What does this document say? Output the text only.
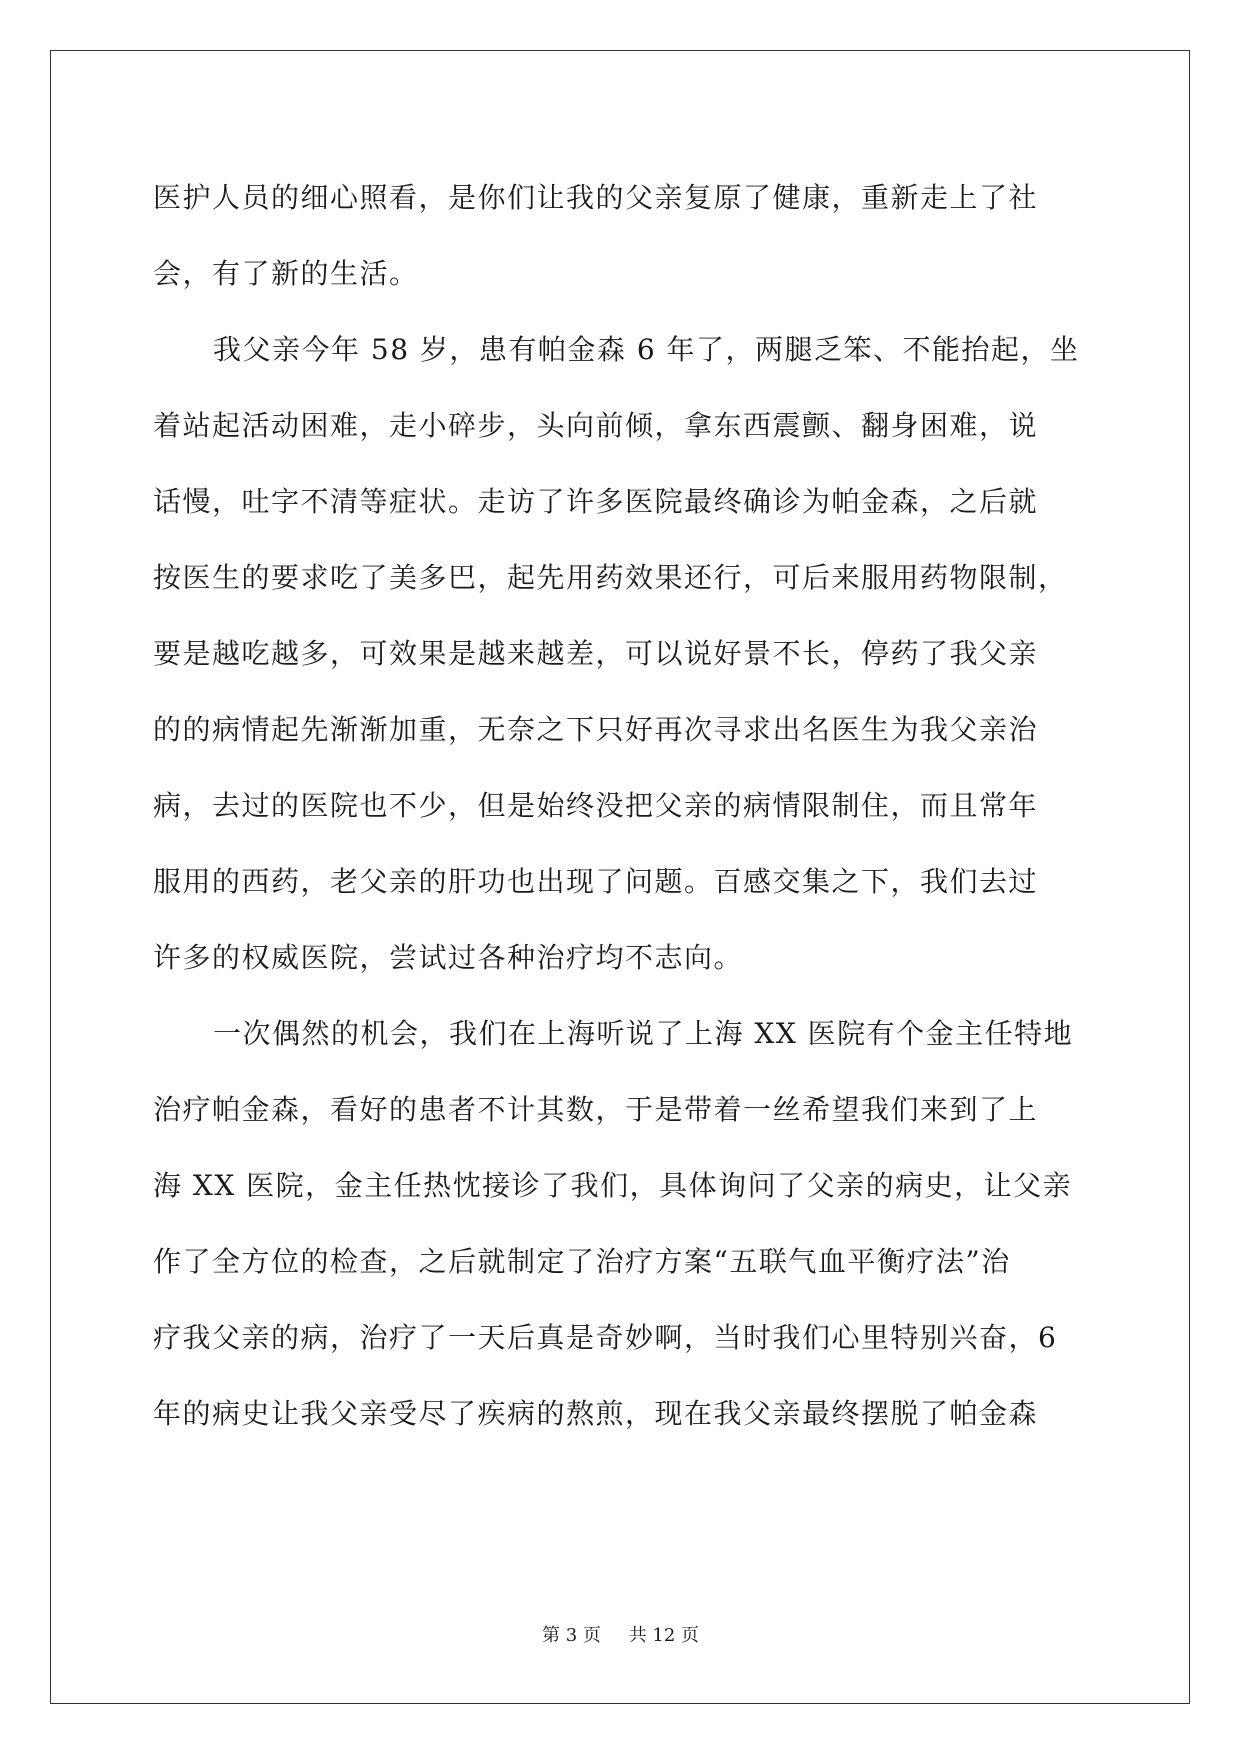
医护人员的细心照看，是你们让我的父亲复原了健康，重新走上了社
会，有了新的生活。
我父亲今年 58 岁，患有帕金森 6 年了，两腿乏笨、不能抬起，坐
着站起活动困难，走小碎步，头向前倾，拿东西震颤、翻身困难，说
话慢，吐字不清等症状。走访了许多医院最终确诊为帕金森，之后就
按医生的要求吃了美多巴，起先用药效果还行，可后来服用药物限制，
要是越吃越多，可效果是越来越差，可以说好景不长，停药了我父亲
的的病情起先渐渐加重，无奈之下只好再次寻求出名医生为我父亲治
病，去过的医院也不少，但是始终没把父亲的病情限制住，而且常年
服用的西药，老父亲的肝功也出现了问题。百感交集之下，我们去过
许多的权威医院，尝试过各种治疗均不志向。
一次偶然的机会，我们在上海听说了上海 XX 医院有个金主任特地
治疗帕金森，看好的患者不计其数，于是带着一丝希望我们来到了上
海 XX 医院，金主任热忱接诊了我们，具体询问了父亲的病史，让父亲
作了全方位的检查，之后就制定了治疗方案“五联气血平衡疗法”治
疗我父亲的病，治疗了一天后真是奇妙啊，当时我们心里特别兴奋，6
年的病史让我父亲受尽了疾病的熬煎，现在我父亲最终摆脱了帕金森
第 3 页 共 12 页
